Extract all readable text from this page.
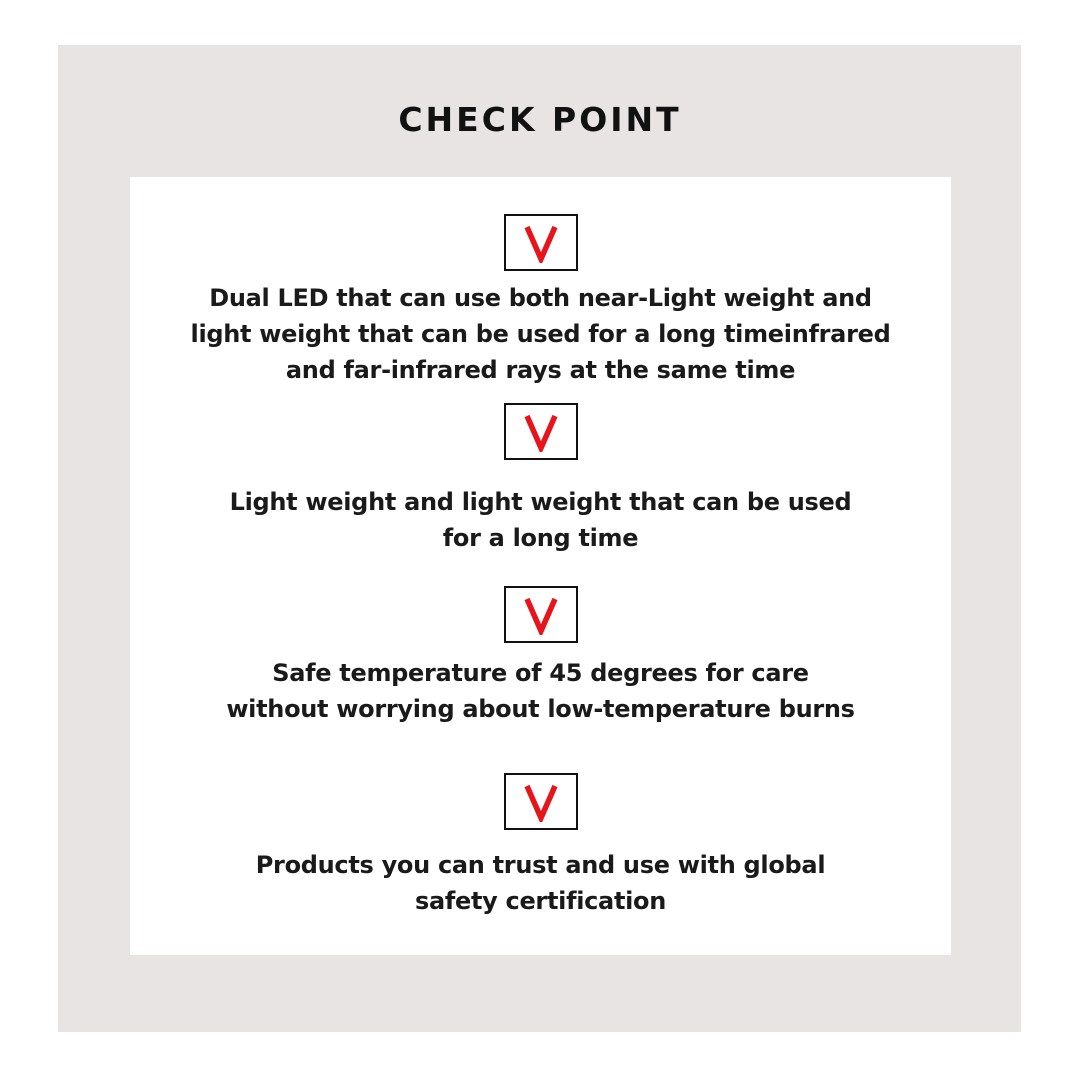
CHECK POINT
Dual LED that can use both near-Light weight and
light weight that can be used for a long timeinfrared
and far-infrared rays at the same time
Light weight and light weight that can be used
for a long time
Safe temperature of 45 degrees for care
without worrying about low-temperature burns
Products you can trust and use with global
safety certification
